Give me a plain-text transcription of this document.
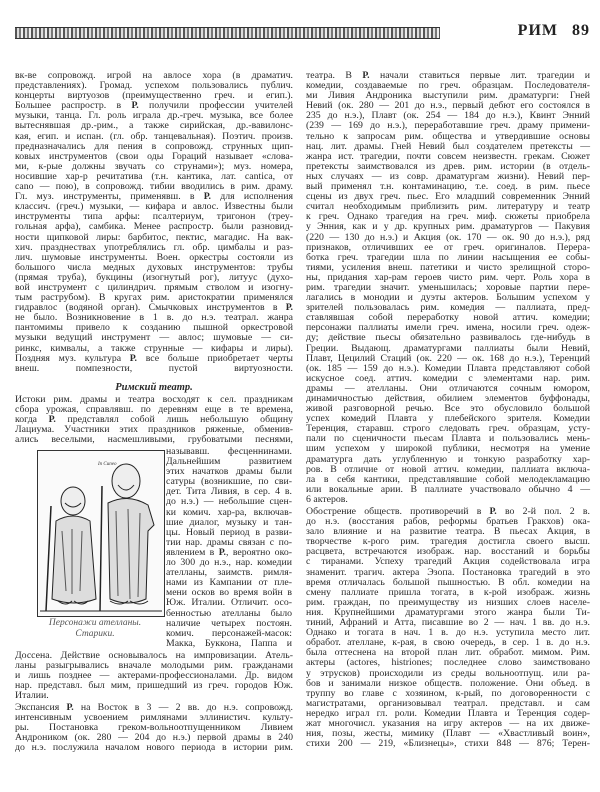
РИМ 89
вк-ве сопровожд. игрой на авлосе хора (в драматич.
представлениях). Громад. успехом пользовались публич.
концерты виртуозов (преимущественно греч. и егип.).
Большее распростр. в Р. получили профессии учителей
музыки, танца. Гл. роль играла др.-греч. музыка, все более
вытеснявшая др.-рим., а также сирийская, др.-вавилонс-
кая, егип. и испан. (гл. обр. танцевальная). Поэтич. произв.
предназначались для пения в сопровожд. струнных щип-
ковых инструментов (свои оды Гораций называет «слова-
ми, к-рые должны звучать со струнами»); муз. номера,
носившие хар-р речитатива (т.н. кантика, лат. cantica, от
cano — пою), в сопровожд. тибии вводились в рим. драму.
Гл. муз. инструменты, применявш. в Р. для исполнения
классич. (греч.) музыки, — кифара и авлос. Известны были
инструменты типа арфы: псалтериум, тригонон (треу-
гольная арфа), самбика. Менее распростр. были разновид-
ности щипковой лиры: барбитос, пектис, магадис. На вак-
хич. празднествах употреблялись гл. обр. цимбалы и раз-
лич. шумовые инструменты. Воен. оркестры состояли из
большого числа медных духовых инструментов: трубы
(прямая труба), букцины (изогнутый рог), литуус (духо-
вой инструмент с цилиндрич. прямым стволом и изогну-
тым раструбом). В кругах рим. аристократии применялся
гидравлос (водяной орган). Смычковых инструментов в Р.
не было. Возникновение в 1 в. до н.э. театрал. жанра
пантомимы привело к созданию пышной оркестровой
музыки ведущий инструмент — авлос; шумовые — си-
ринкс, кимвалы, а также струнные — кифары и лиры).
Поздняя муз. культура Р. все больше приобретает черты
внеш. помпезности, пустой виртуозности.
Римский театр.
Истоки рим. драмы и театра восходят к сел. праздникам
сбора урожая, справлявш. по деревням еще в те времена,
когда Р. представлял собой лишь небольшую общину
Лациума. Участники этих праздников ряженые, обменив-
ались веселыми, насмешливыми, грубоватыми песнями,
In Cuneo
Персонажи ателланы.
Старики.
называвш. фесценнинами.
Дальнейшим развитием
этих начатков драмы были
сатуры (возникшие, по сви-
дет. Тита Ливия, в сер. 4 в.
до н.э.) — небольшие сцен-
ки комич. хар-ра, включав-
шие диалог, музыку и тан-
цы. Новый период в разви-
тии нар. драмы связан с по-
явлением в Р., вероятно око-
ло 300 до н.э., нар. комедии
ателланы, заимств. римля-
нами из Кампании от пле-
мени осков во время войн в
Юж. Италии. Отличит. осо-
бенностью ателланы было
наличие четырех постоян.
комич. персонажей-масок:
Макка, Буккона, Паппа и
Доссена. Действие основывалось на импровизации. Атель-
ланы разыгрывались вначале молодыми рим. гражданами
и лишь позднее — актерами-профессионалами. Др. видом
нар. представл. был мим, пришедший из греч. городов Юж.
Италии.
Экспансия Р. на Восток в 3 — 2 вв. до н.э. сопровожд.
интенсивным усвоением римлянами эллинистич. культу-
ры. Постановка греком-вольноотпущенником Ливием
Андроником (ок. 280 — 204 до н.э.) первой драмы в 240
до н.э. послужила началом нового периода в истории рим.
театра. В Р. начали ставиться первые лит. трагедии и
комедии, создаваемые по греч. образцам. Последователя-
ми Ливия Андроника выступили рим. драматурги: Гней
Невий (ок. 280 — 201 до н.э., первый дебют его состоялся в
235 до н.э.), Плавт (ок. 254 — 184 до н.э.), Квинт Энний
(239 — 169 до н.э.), переработавшие греч. драму примени-
тельно к запросам рим. общества и утвердившие основы
нац. лит. драмы. Гней Невий был создателем претексты —
жанра ист. трагедии, почти совсем неизвестн. грекам. Сюжет
претексты заимствовался из древ. рим. истории (в отдель-
ных случаях — из совр. драматургам жизни). Невий пер-
вый применял т.н. контаминацию, т.е. соед. в рим. пьесе
сцены из двух греч. пьес. Его младший современник Энний
считал необходимым приблизить рим. литературу и театр
к греч. Однако трагедия на греч. миф. сюжеты приобрела
у Энния, как и у др. крупных рим. драматургов — Пакувия
(220 — 130 до н.э.) и Акция (ок. 170 — ок. 90 до н.э.), ряд
признаков, отличивших ее от греч. оригиналов. Перера-
ботка греч. трагедии шла по линии насыщения ее собы-
тиями, усиления внеш. патетики и чисто зрелищной сторо-
ны, придания хар-рам героев чисто рим. черт. Роль хора в
рим. трагедии значит. уменьшилась; хоровые партии пере-
лагались в монодии и дуэты актеров. Большим успехом у
зрителей пользовалась рим. комедия — паллиата, пред-
ставлявшая собой переработку новой аттич. комедии;
персонажи паллиаты имели греч. имена, носили греч. одеж-
ду; действие пьесы обязательно развивалось где-нибудь в
Греции. Выдающ. драматургами паллиаты были Невий,
Плавт, Цецилий Стаций (ок. 220 — ок. 168 до н.э.), Теренций
(ок. 185 — 159 до н.э.). Комедии Плавта представляют собой
искусное соед. аттич. комедии с элементами нар. рим.
драмы — ателланы. Они отличаются сочным юмором,
динамичностью действия, обилием элементов буффонады,
живой разговорной речью. Все это обусловило большой
успех комедий Плавта у плебейского зрителя. Комедии
Теренция, старавш. строго следовать греч. образцам, усту-
пали по сценичности пьесам Плавта и пользовались мень-
шим успехом у широкой публики, несмотря на умение
драматурга дать углубленную и тонкую разработку хар-
ров. В отличие от новой аттич. комедии, паллиата включа-
ла в себя кантики, представлявшие собой мелодекламацию
или вокальные арии. В паллиате участвовало обычно 4 —
6 актеров.
Обострение обществ. противоречий в Р. во 2-й пол. 2 в.
до н.э. (восстания рабов, реформы братьев Гракхов) ока-
зало влияние и на развитие театра. В пьесах Акция, в
творчестве к-рого рим. трагедия достигла своего высш.
расцвета, встречаются изображ. нар. восстаний и борьбы
с тиранами. Успеху трагедий Акция содействовала игра
знаменит. трагич. актера Эзопа. Постановка трагедий в это
время отличалась большой пышностью. В обл. комедии на
смену паллиате пришла тогата, в к-рой изображ. жизнь
рим. граждан, по преимуществу из низших слоев населе-
ния. Крупнейшими драматургами этого жанра были Ти-
тиний, Афраний и Атта, писавшие во 2 — нач. 1 вв. до н.э.
Однако и тогата в нач. 1 в. до н.э. уступила место лит.
обработ. ателлане, к-рая, в свою очередь, в сер. 1 в. до н.э.
была оттеснена на второй план лит. обработ. мимом. Рим.
актеры (actores, histriones; последнее слово заимствовано
у этрусков) происходили из среды вольноотпущ. или ра-
бов и занимали низкое обществ. положение. Они объед. в
труппу во главе с хозяином, к-рый, по договоренности с
магистратами, организовывал театрал. представл. и сам
нередко играл гл. роли. Комедии Плавта и Теренция содер-
жат многочисл. указания на игру актеров — на их движе-
ния, позы, жесты, мимику (Плавт — «Хвастливый воин»,
стихи 200 — 219, «Близнецы», стихи 848 — 876; Терен-
